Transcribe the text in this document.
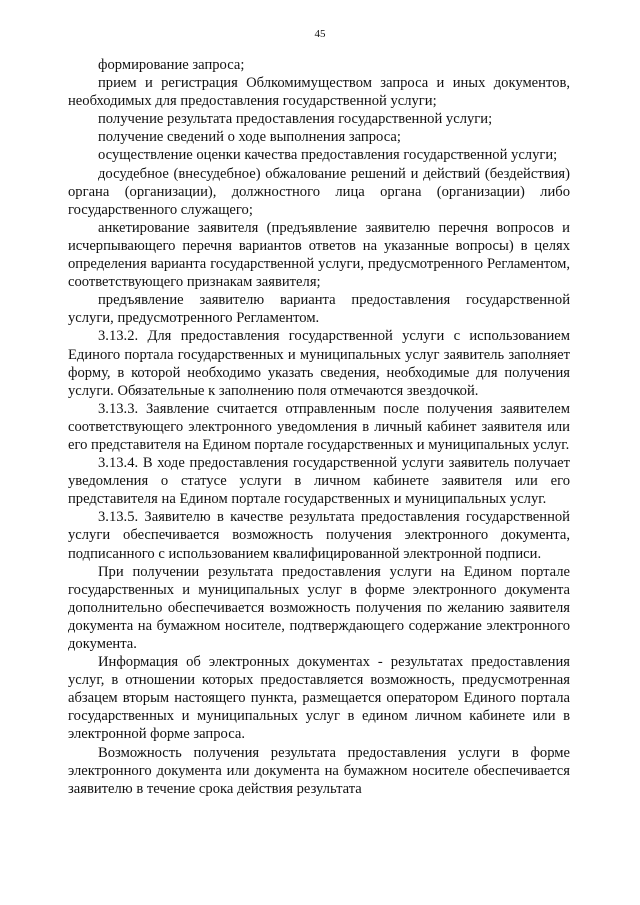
45

формирование запроса;

прием и регистрация Облкомимуществом запроса и иных документов, необходимых для предоставления государственной услуги;

получение результата предоставления государственной услуги;

получение сведений о ходе выполнения запроса;

осуществление оценки качества предоставления государственной услуги;

досудебное (внесудебное) обжалование решений и действий (бездействия) органа (организации), должностного лица органа (организации) либо государственного служащего;

анкетирование заявителя (предъявление заявителю перечня вопросов и исчерпывающего перечня вариантов ответов на указанные вопросы) в целях определения варианта государственной услуги, предусмотренного Регламентом, соответствующего признакам заявителя;

предъявление заявителю варианта предоставления государственной услуги, предусмотренного Регламентом.

3.13.2. Для предоставления государственной услуги с использованием Единого портала государственных и муниципальных услуг заявитель заполняет форму, в которой необходимо указать сведения, необходимые для получения услуги. Обязательные к заполнению поля отмечаются звездочкой.

3.13.3. Заявление считается отправленным после получения заявителем соответствующего электронного уведомления в личный кабинет заявителя или его представителя на Едином портале государственных и муниципальных услуг.

3.13.4. В ходе предоставления государственной услуги заявитель получает уведомления о статусе услуги в личном кабинете заявителя или его представителя на Едином портале государственных и муниципальных услуг.

3.13.5. Заявителю в качестве результата предоставления государственной услуги обеспечивается возможность получения электронного документа, подписанного с использованием квалифицированной электронной подписи.

При получении результата предоставления услуги на Едином портале государственных и муниципальных услуг в форме электронного документа дополнительно обеспечивается возможность получения по желанию заявителя документа на бумажном носителе, подтверждающего содержание электронного документа.

Информация об электронных документах - результатах предоставления услуг, в отношении которых предоставляется возможность, предусмотренная абзацем вторым настоящего пункта, размещается оператором Единого портала государственных и муниципальных услуг в едином личном кабинете или в электронной форме запроса.

Возможность получения результата предоставления услуги в форме электронного документа или документа на бумажном носителе обеспечивается заявителю в течение срока действия результата
